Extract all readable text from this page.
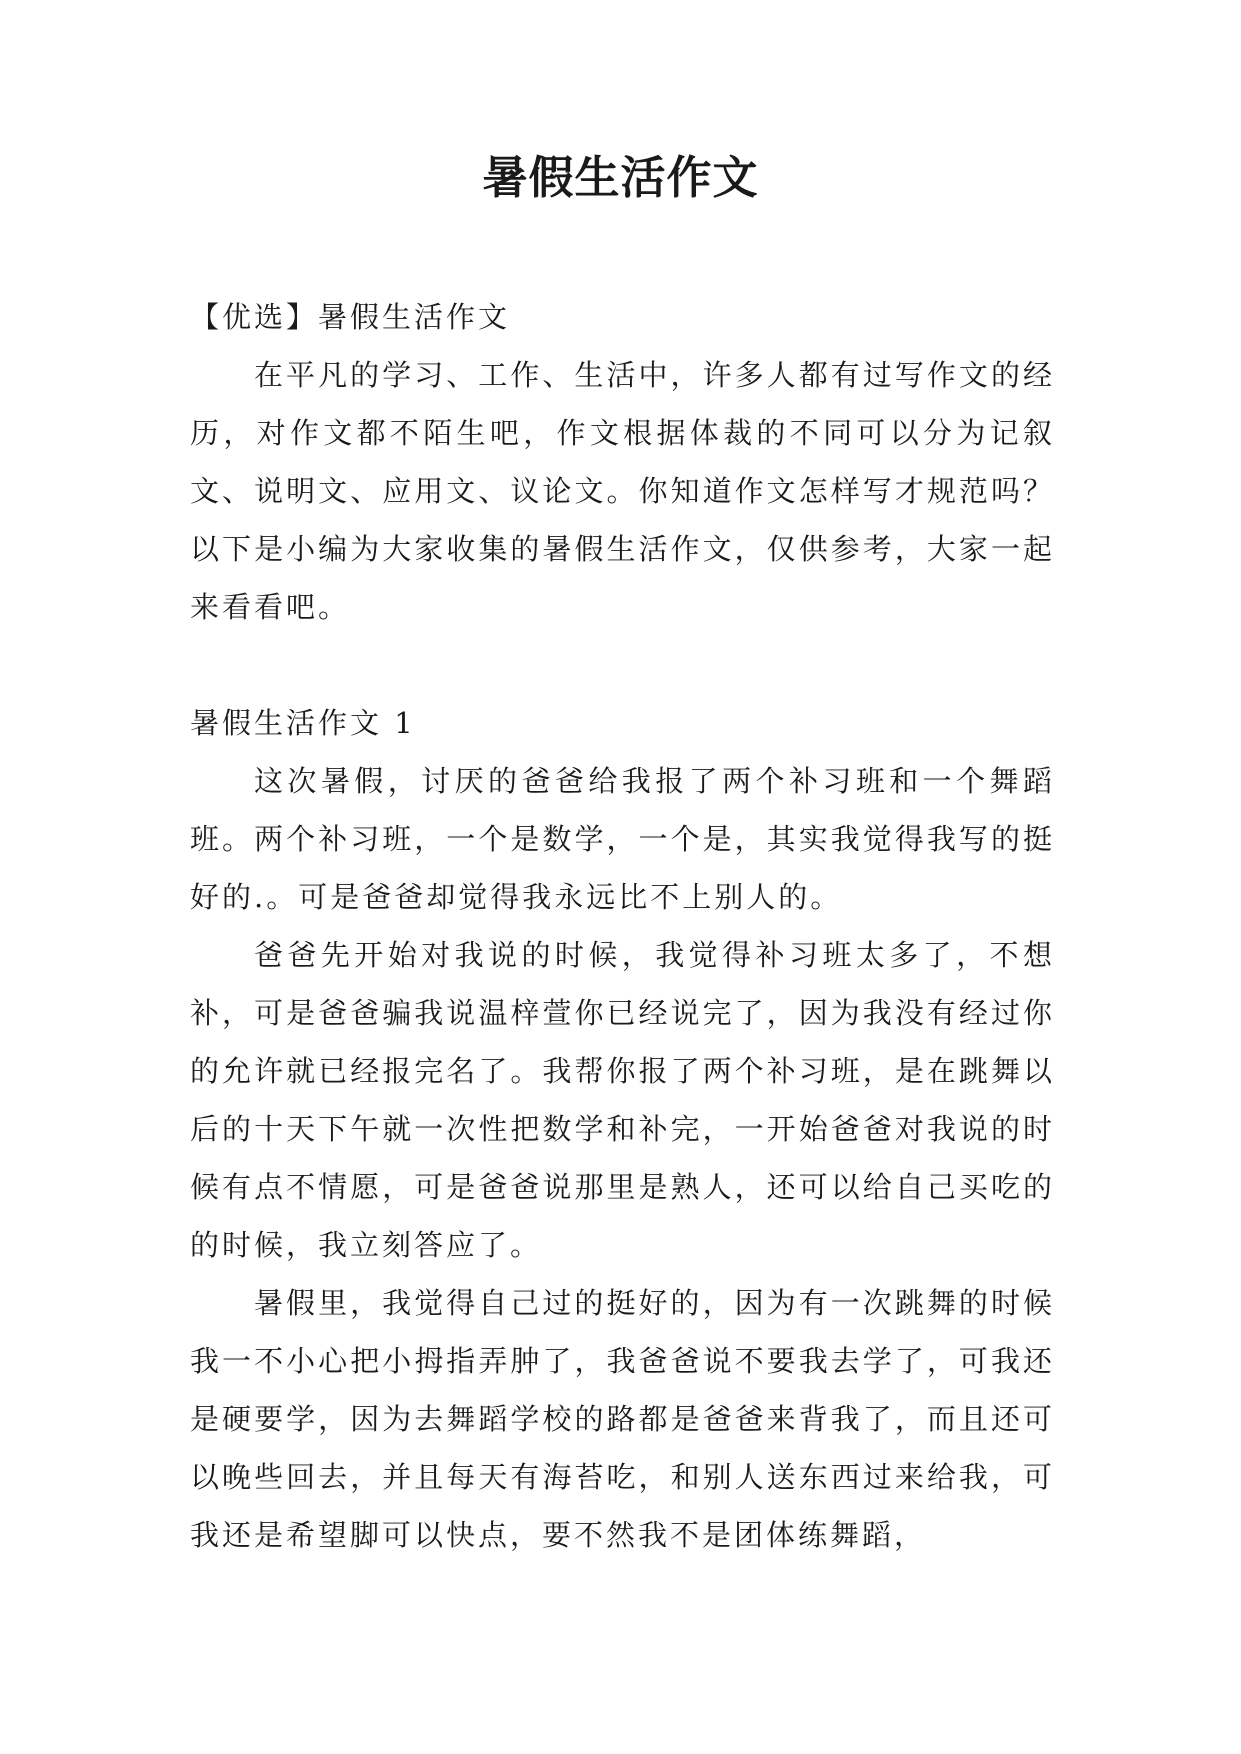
暑假生活作文

【优选】暑假生活作文

在平凡的学习、工作、生活中，许多人都有过写作文的经历，对作文都不陌生吧，作文根据体裁的不同可以分为记叙文、说明文、应用文、议论文。你知道作文怎样写才规范吗？以下是小编为大家收集的暑假生活作文，仅供参考，大家一起来看看吧。

暑假生活作文 1

这次暑假，讨厌的爸爸给我报了两个补习班和一个舞蹈班。两个补习班，一个是数学，一个是，其实我觉得我写的挺好的.。可是爸爸却觉得我永远比不上别人的。

爸爸先开始对我说的时候，我觉得补习班太多了，不想补，可是爸爸骗我说温梓萱你已经说完了，因为我没有经过你的允许就已经报完名了。我帮你报了两个补习班，是在跳舞以后的十天下午就一次性把数学和补完，一开始爸爸对我说的时候有点不情愿，可是爸爸说那里是熟人，还可以给自己买吃的的时候，我立刻答应了。

暑假里，我觉得自己过的挺好的，因为有一次跳舞的时候我一不小心把小拇指弄肿了，我爸爸说不要我去学了，可我还是硬要学，因为去舞蹈学校的路都是爸爸来背我了，而且还可以晚些回去，并且每天有海苔吃，和别人送东西过来给我，可我还是希望脚可以快点，要不然我不是团体练舞蹈，
